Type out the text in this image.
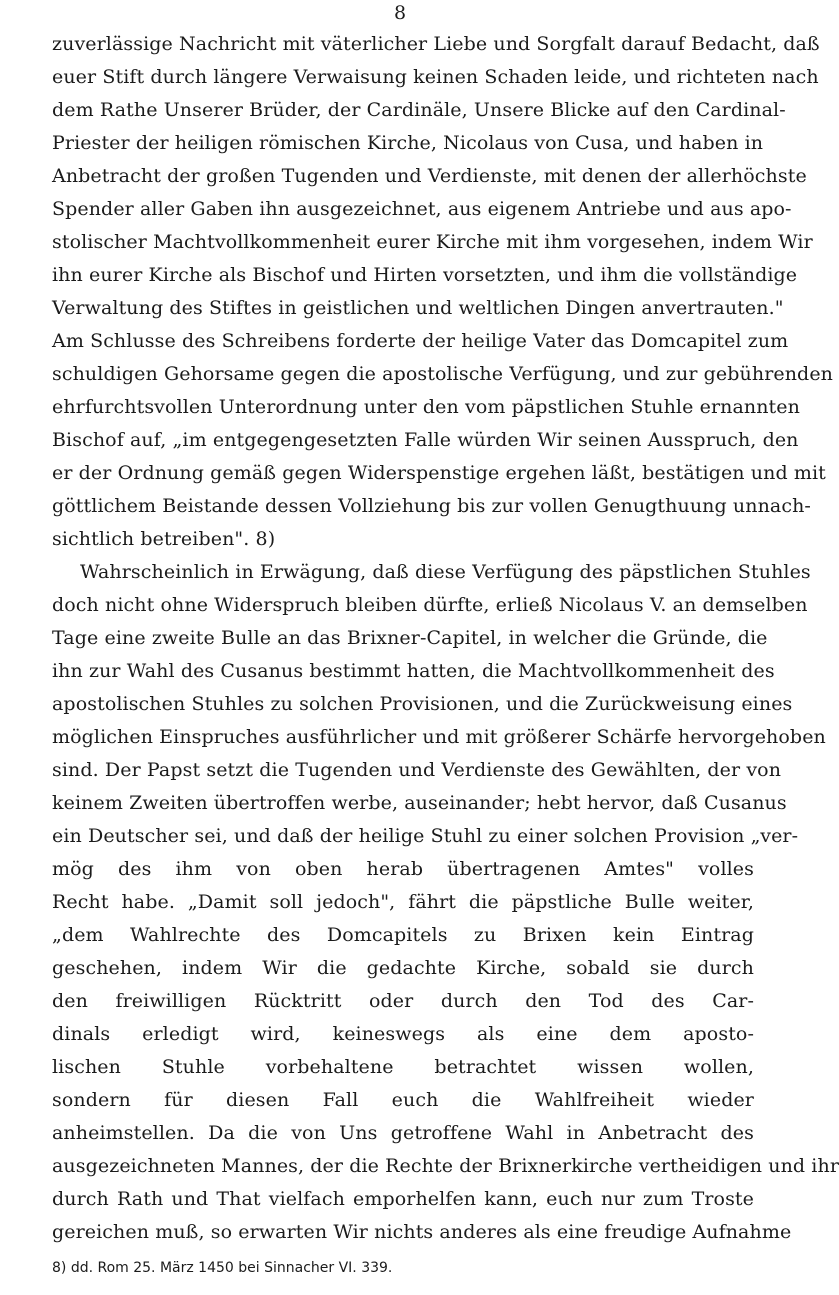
8
zuverlässige Nachricht mit väterlicher Liebe und Sorgfalt darauf Bedacht, daß
euer Stift durch längere Verwaisung keinen Schaden leide, und richteten nach
dem Rathe Unserer Brüder, der Cardinäle, Unsere Blicke auf den Cardinal-
Priester der heiligen römischen Kirche, Nicolaus von Cusa, und haben in
Anbetracht der großen Tugenden und Verdienste, mit denen der allerhöchste
Spender aller Gaben ihn ausgezeichnet, aus eigenem Antriebe und aus apo-
stolischer Machtvollkommenheit eurer Kirche mit ihm vorgesehen, indem Wir
ihn eurer Kirche als Bischof und Hirten vorsetzten, und ihm die vollständige
Verwaltung des Stiftes in geistlichen und weltlichen Dingen anvertrauten."
Am Schlusse des Schreibens forderte der heilige Vater das Domcapitel zum
schuldigen Gehorsame gegen die apostolische Verfügung, und zur gebührenden
ehrfurchtsvollen Unterordnung unter den vom päpstlichen Stuhle ernannten
Bischof auf, „im entgegengesetzten Falle würden Wir seinen Ausspruch, den
er der Ordnung gemäß gegen Widerspenstige ergehen läßt, bestätigen und mit
göttlichem Beistande dessen Vollziehung bis zur vollen Genugthuung unnach-
sichtlich betreiben". 8)
Wahrscheinlich in Erwägung, daß diese Verfügung des päpstlichen Stuhles
doch nicht ohne Widerspruch bleiben dürfte, erließ Nicolaus V. an demselben
Tage eine zweite Bulle an das Brixner-Capitel, in welcher die Gründe, die
ihn zur Wahl des Cusanus bestimmt hatten, die Machtvollkommenheit des
apostolischen Stuhles zu solchen Provisionen, und die Zurückweisung eines
möglichen Einspruches ausführlicher und mit größerer Schärfe hervorgehoben
sind. Der Papst setzt die Tugenden und Verdienste des Gewählten, der von
keinem Zweiten übertroffen werbe, auseinander; hebt hervor, daß Cusanus
ein Deutscher sei, und daß der heilige Stuhl zu einer solchen Provision „ver-
mög des ihm von oben herab übertragenen Amtes" volles
Recht habe. „Damit soll jedoch", fährt die päpstliche Bulle weiter,
„dem Wahlrechte des Domcapitels zu Brixen kein Eintrag
geschehen, indem Wir die gedachte Kirche, sobald sie durch
den freiwilligen Rücktritt oder durch den Tod des Car-
dinals erledigt wird, keineswegs als eine dem aposto-
lischen Stuhle vorbehaltene betrachtet wissen wollen,
sondern für diesen Fall euch die Wahlfreiheit wieder
anheimstellen. Da die von Uns getroffene Wahl in Anbetracht des
ausgezeichneten Mannes, der die Rechte der Brixnerkirche vertheidigen und ihr
durch Rath und That vielfach emporhelfen kann, euch nur zum Troste
gereichen muß, so erwarten Wir nichts anderes als eine freudige Aufnahme
8) dd. Rom 25. März 1450 bei Sinnacher VI. 339.
